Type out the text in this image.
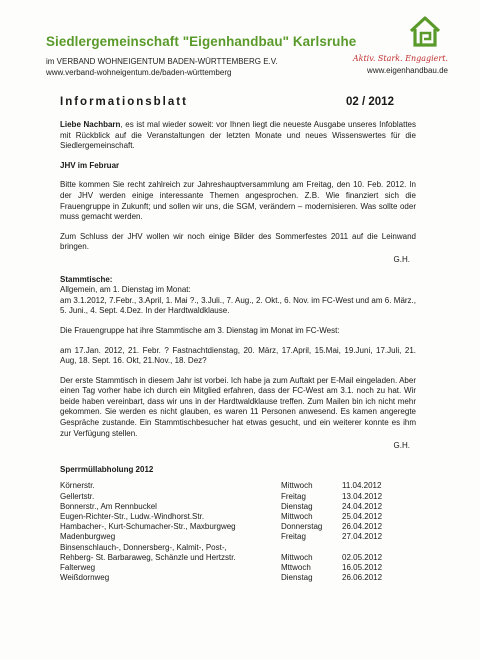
Siedlergemeinschaft "Eigenhandbau" Karlsruhe
im VERBAND WOHNEIGENTUM BADEN-WÜRTTEMBERG E.V.
www.verband-wohneigentum.de/baden-württemberg
Aktiv. Stark. Engagiert.
www.eigenhandbau.de
Informationsblatt	02 / 2012

Liebe Nachbarn, es ist mal wieder soweit: vor Ihnen liegt die neueste Ausgabe unseres Infoblattes mit Rückblick auf die Veranstaltungen der letzten Monate und neues Wissenswertes für die Siedlergemeinschaft.

JHV im Februar

Bitte kommen Sie recht zahlreich zur Jahreshauptversammlung am Freitag, den 10. Feb. 2012. In der JHV werden einige interessante Themen angesprochen. Z.B. Wie finanziert sich die Frauengruppe in Zukunft; und sollen wir uns, die SGM, verändern – modernisieren. Was sollte oder muss gemacht werden.

Zum Schluss der JHV wollen wir noch einige Bilder des Sommerfestes 2011 auf die Leinwand bringen.

G.H.

Stammtische:
Allgemein, am 1. Dienstag im Monat:

am 3.1.2012, 7.Febr., 3.April, 1. Mai ?., 3.Juli., 7. Aug., 2. Okt., 6. Nov. im FC-West und am 6. März., 5. Juni., 4. Sept. 4.Dez. In der Hardtwaldklause.

Die Frauengruppe hat ihre Stammtische am 3. Dienstag im Monat im FC-West:

am 17.Jan. 2012, 21. Febr. ? Fastnachtdienstag, 20. März, 17.April, 15.Mai, 19.Juni, 17.Juli, 21. Aug, 18. Sept. 16. Okt, 21.Nov., 18. Dez?

Der erste Stammtisch in diesem Jahr ist vorbei. Ich habe ja zum Auftakt per E-Mail eingeladen. Aber einen Tag vorher habe ich durch ein Mitglied erfahren, dass der FC-West am 3.1. noch zu hat. Wir beide haben vereinbart, dass wir uns in der Hardtwaldklause treffen. Zum Mailen bin ich nicht mehr gekommen. Sie werden es nicht glauben, es waren 11 Personen anwesend. Es kamen angeregte Gespräche zustande. Ein Stammtischbesucher hat etwas gesucht, und ein weiterer konnte es ihm zur Verfügung stellen.

G.H.

Sperrmüllabholung 2012
Körnerstr.	Mittwoch	11.04.2012
Gellertstr.	Freitag	13.04.2012
Bonnerstr., Am Rennbuckel	Dienstag	24.04.2012
Eugen-Richter-Str., Ludw.-Windhorst.Str.	Mittwoch	25.04.2012
Hambacher-, Kurt-Schumacher-Str., Maxburgweg	Donnerstag	26.04.2012
Madenburgweg	Freitag	27.04.2012
Binsenschlauch-, Donnersberg-, Kalmit-, Post-,		
Rehberg- St. Barbaraweg, Schänzle und Hertzstr.	Mittwoch	02.05.2012
Falterweg	Mttwoch	16.05.2012
Weißdornweg	Dienstag	26.06.2012
